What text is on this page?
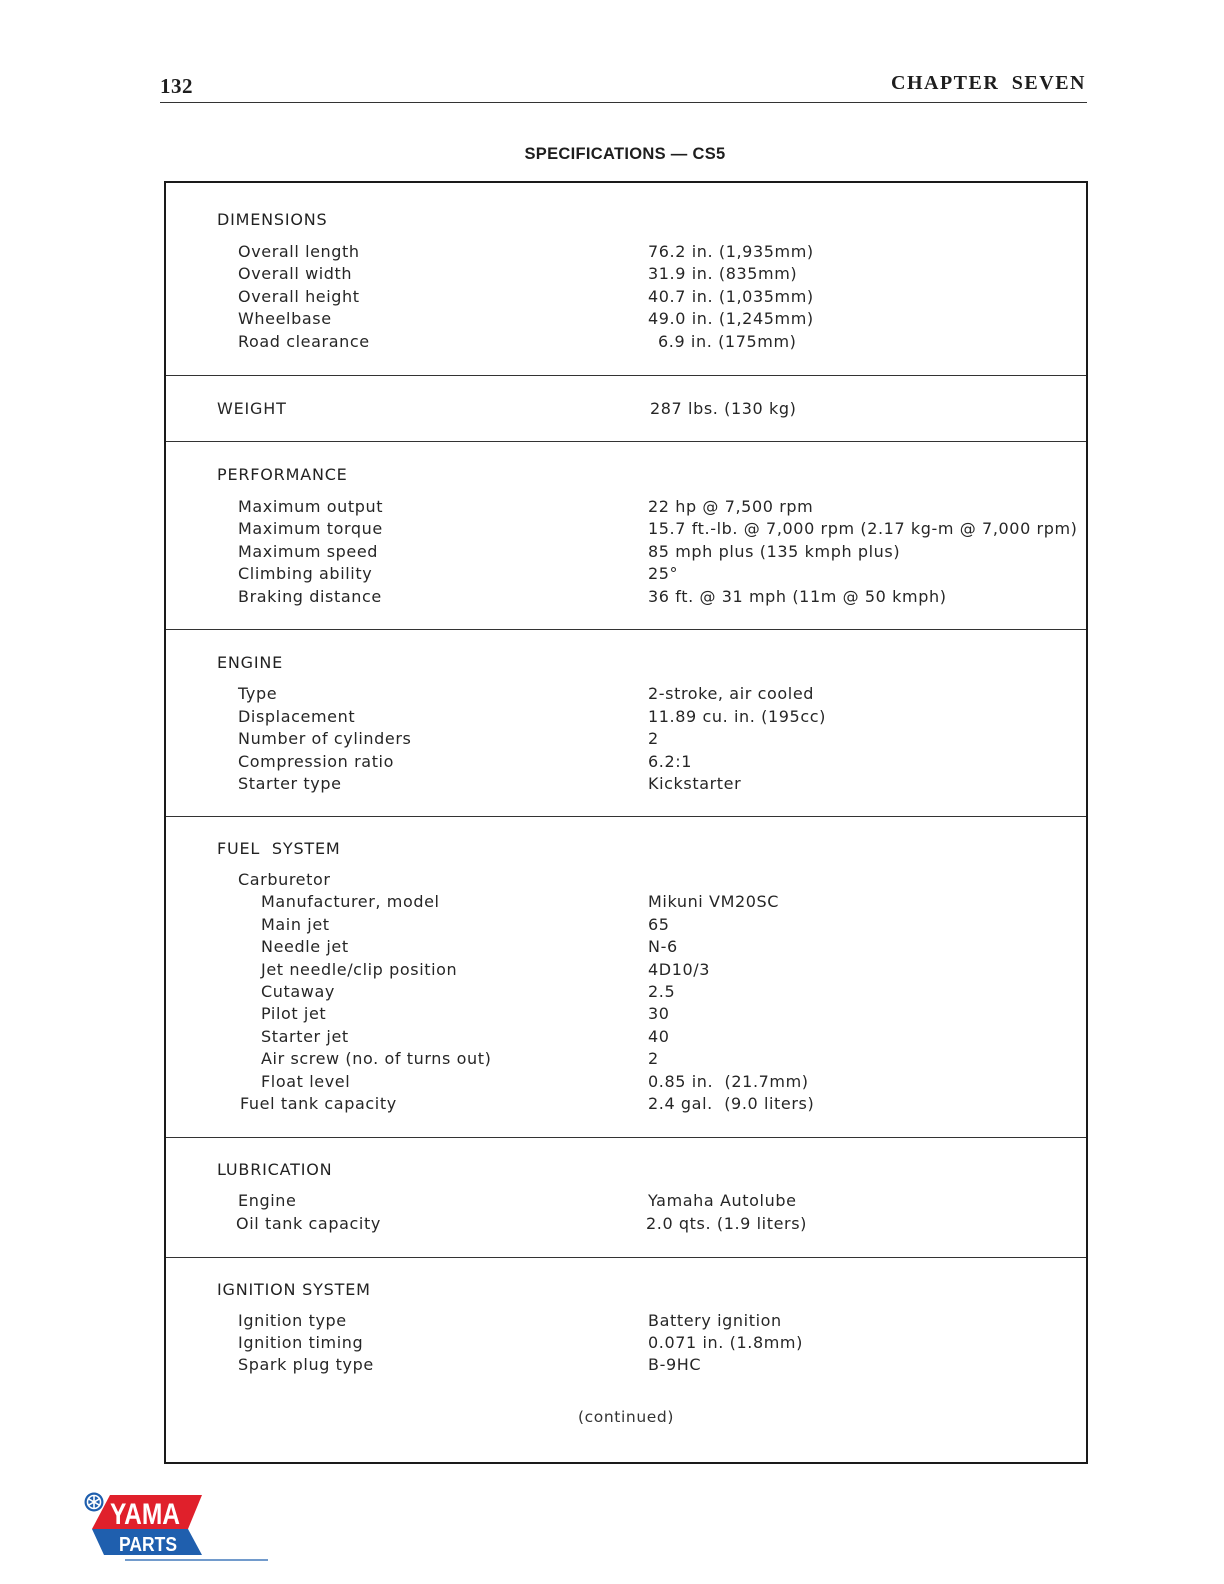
132	CHAPTER SEVEN
SPECIFICATIONS — CS5
DIMENSIONS
Overall length	76.2 in. (1,935mm)
Overall width	31.9 in. (835mm)
Overall height	40.7 in. (1,035mm)
Wheelbase	49.0 in. (1,245mm)
Road clearance	6.9 in. (175mm)
WEIGHT	287 lbs. (130 kg)
PERFORMANCE
Maximum output	22 hp @ 7,500 rpm
Maximum torque	15.7 ft.-lb. @ 7,000 rpm (2.17 kg-m @ 7,000 rpm)
Maximum speed	85 mph plus (135 kmph plus)
Climbing ability	25°
Braking distance	36 ft. @ 31 mph (11m @ 50 kmph)
ENGINE
Type	2-stroke, air cooled
Displacement	11.89 cu. in. (195cc)
Number of cylinders	2
Compression ratio	6.2:1
Starter type	Kickstarter
FUEL  SYSTEM
Carburetor
Manufacturer, model	Mikuni VM20SC
Main jet	65
Needle jet	N-6
Jet needle/clip position	4D10/3
Cutaway	2.5
Pilot jet	30
Starter jet	40
Air screw (no. of turns out)	2
Float level	0.85 in.  (21.7mm)
Fuel tank capacity	2.4 gal.  (9.0 liters)
LUBRICATION
Engine	Yamaha Autolube
Oil tank capacity	2.0 qts. (1.9 liters)
IGNITION SYSTEM
Ignition type	Battery ignition
Ignition timing	0.071 in. (1.8mm)
Spark plug type	B-9HC
(continued)
YAMA
PARTS
